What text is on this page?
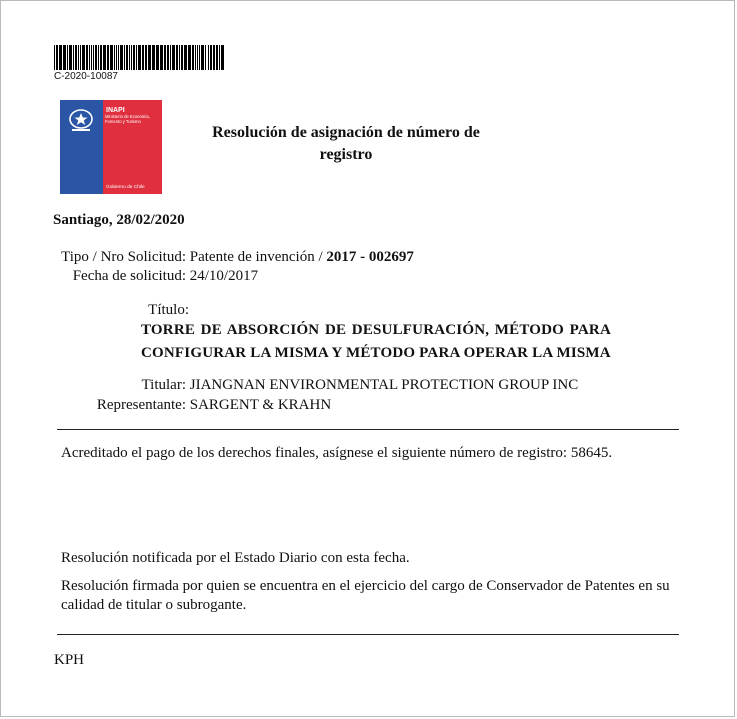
C-2020-10087
INAPI
Ministerio de Economía, Fomento y Turismo
Gobierno de Chile
Resolución de asignación de número de registro
Santiago, 28/02/2020
Tipo / Nro Solicitud: Patente de invención / 2017 - 002697
Fecha de solicitud: 24/10/2017
Título: TORRE DE ABSORCIÓN DE DESULFURACIÓN, MÉTODO PARA CONFIGURAR LA MISMA Y MÉTODO PARA OPERAR LA MISMA
Titular: JIANGNAN ENVIRONMENTAL PROTECTION GROUP INC
Representante: SARGENT & KRAHN
Acreditado el pago de los derechos finales, asígnese el siguiente número de registro: 58645.
Resolución notificada por el Estado Diario con esta fecha.
Resolución firmada por quien se encuentra en el ejercicio del cargo de Conservador de Patentes en su calidad de titular o subrogante.
KPH
